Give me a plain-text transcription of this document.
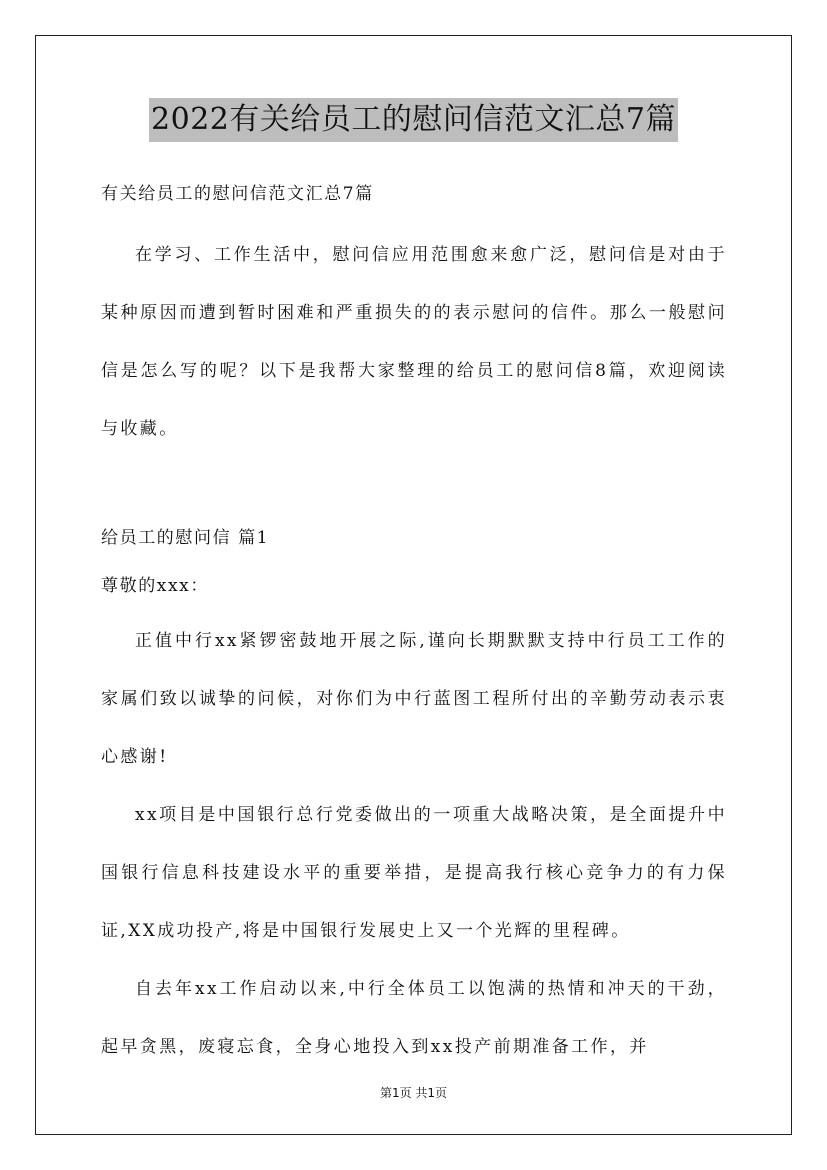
2022有关给员工的慰问信范文汇总7篇
有关给员工的慰问信范文汇总7篇

在学习、工作生活中，慰问信应用范围愈来愈广泛，慰问信是对由于某种原因而遭到暂时困难和严重损失的的表示慰问的信件。那么一般慰问信是怎么写的呢？以下是我帮大家整理的给员工的慰问信8篇，欢迎阅读与收藏。

给员工的慰问信 篇1
尊敬的xxx：

正值中行xx紧锣密鼓地开展之际,谨向长期默默支持中行员工工作的家属们致以诚挚的问候，对你们为中行蓝图工程所付出的辛勤劳动表示衷心感谢!

xx项目是中国银行总行党委做出的一项重大战略决策，是全面提升中国银行信息科技建设水平的重要举措，是提高我行核心竞争力的有力保证,XX成功投产,将是中国银行发展史上又一个光辉的里程碑。

自去年xx工作启动以来,中行全体员工以饱满的热情和冲天的干劲，起早贪黑，废寝忘食，全身心地投入到xx投产前期准备工作，并

第1页 共1页
